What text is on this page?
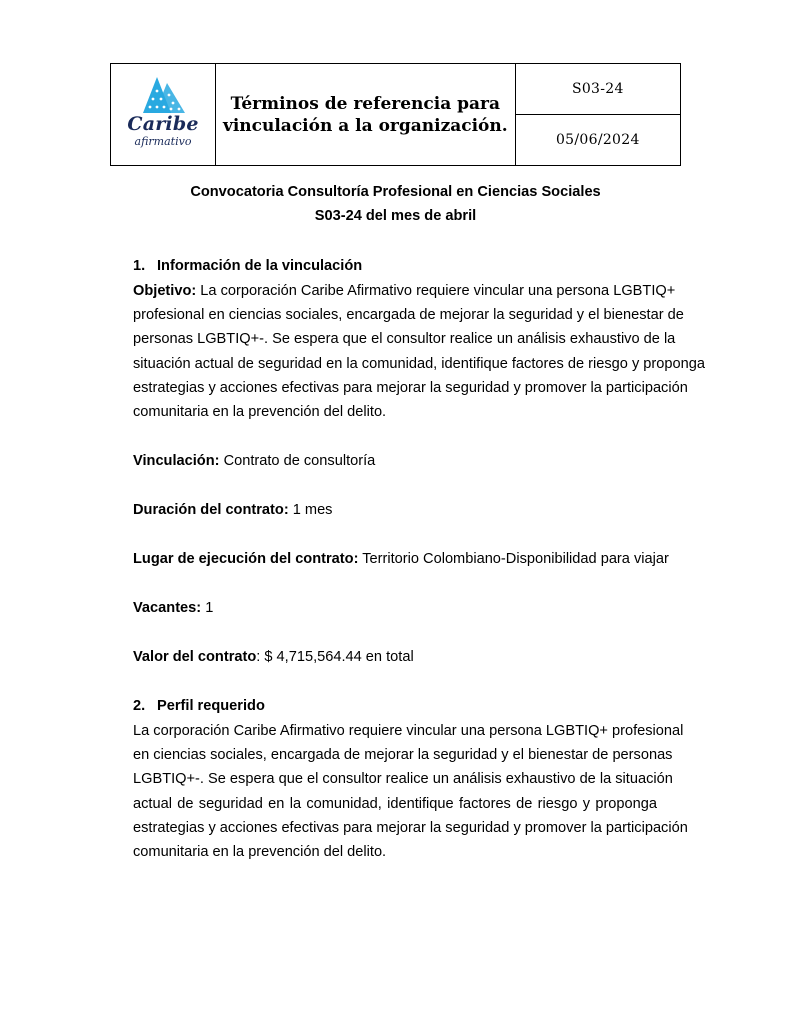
Caribe
afirmativo

Términos de referencia para
vinculación a la organización.
	S03-24
05/06/2024
Convocatoria Consultoría Profesional en Ciencias Sociales
S03-24 del mes de abril
1. Información de la vinculación
Objetivo: La corporación Caribe Afirmativo requiere vincular una persona LGBTIQ+
profesional en ciencias sociales, encargada de mejorar la seguridad y el bienestar de
personas LGBTIQ+-. Se espera que el consultor realice un análisis exhaustivo de la
situación actual de seguridad en la comunidad, identifique factores de riesgo y proponga
estrategias y acciones efectivas para mejorar la seguridad y promover la participación
comunitaria en la prevención del delito.
Vinculación: Contrato de consultoría
Duración del contrato: 1 mes
Lugar de ejecución del contrato: Territorio Colombiano-Disponibilidad para viajar
Vacantes: 1
Valor del contrato: $ 4,715,564.44 en total
2. Perfil requerido
La corporación Caribe Afirmativo requiere vincular una persona LGBTIQ+ profesional
en ciencias sociales, encargada de mejorar la seguridad y el bienestar de personas
LGBTIQ+-. Se espera que el consultor realice un análisis exhaustivo de la situación
actual de seguridad en la comunidad, identifique factores de riesgo y proponga
estrategias y acciones efectivas para mejorar la seguridad y promover la participación
comunitaria en la prevención del delito.
